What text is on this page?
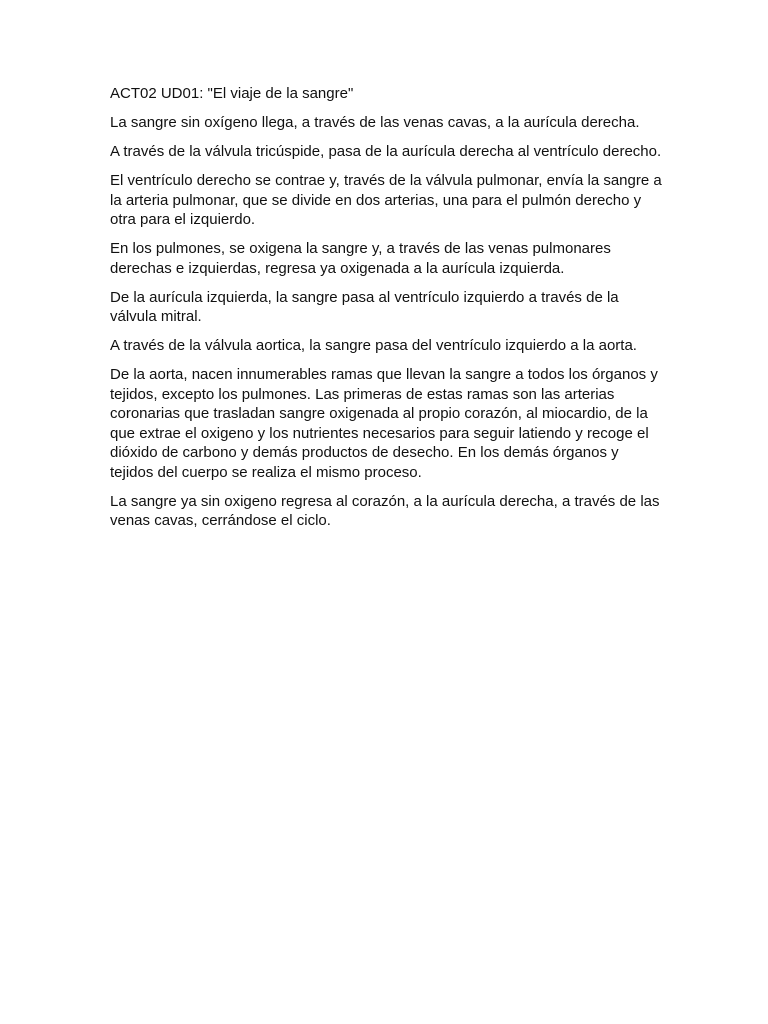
ACT02 UD01: "El viaje de la sangre"

La sangre sin oxígeno llega, a través de las venas cavas, a la aurícula derecha.

A través de la válvula tricúspide, pasa de la aurícula derecha al ventrículo derecho.

El ventrículo derecho se contrae y, través de la válvula pulmonar, envía la sangre a la arteria pulmonar, que se divide en dos arterias, una para el pulmón derecho y otra para el izquierdo.

En los pulmones, se oxigena la sangre y, a través de las venas pulmonares derechas e izquierdas, regresa ya oxigenada a la aurícula izquierda.

De la aurícula izquierda, la sangre pasa al ventrículo izquierdo a través de la válvula mitral.

A través de la válvula aortica, la sangre pasa del ventrículo izquierdo a la aorta.

De la aorta, nacen innumerables ramas que llevan la sangre a todos los órganos y tejidos, excepto los pulmones. Las primeras de estas ramas son las arterias coronarias que trasladan sangre oxigenada al propio corazón, al miocardio, de la que extrae el oxigeno y los nutrientes necesarios para seguir latiendo y recoge el dióxido de carbono y demás productos de desecho. En los demás órganos y tejidos del cuerpo se realiza el mismo proceso.

La sangre ya sin oxigeno regresa al corazón, a la aurícula derecha, a través de las venas cavas, cerrándose el ciclo.
